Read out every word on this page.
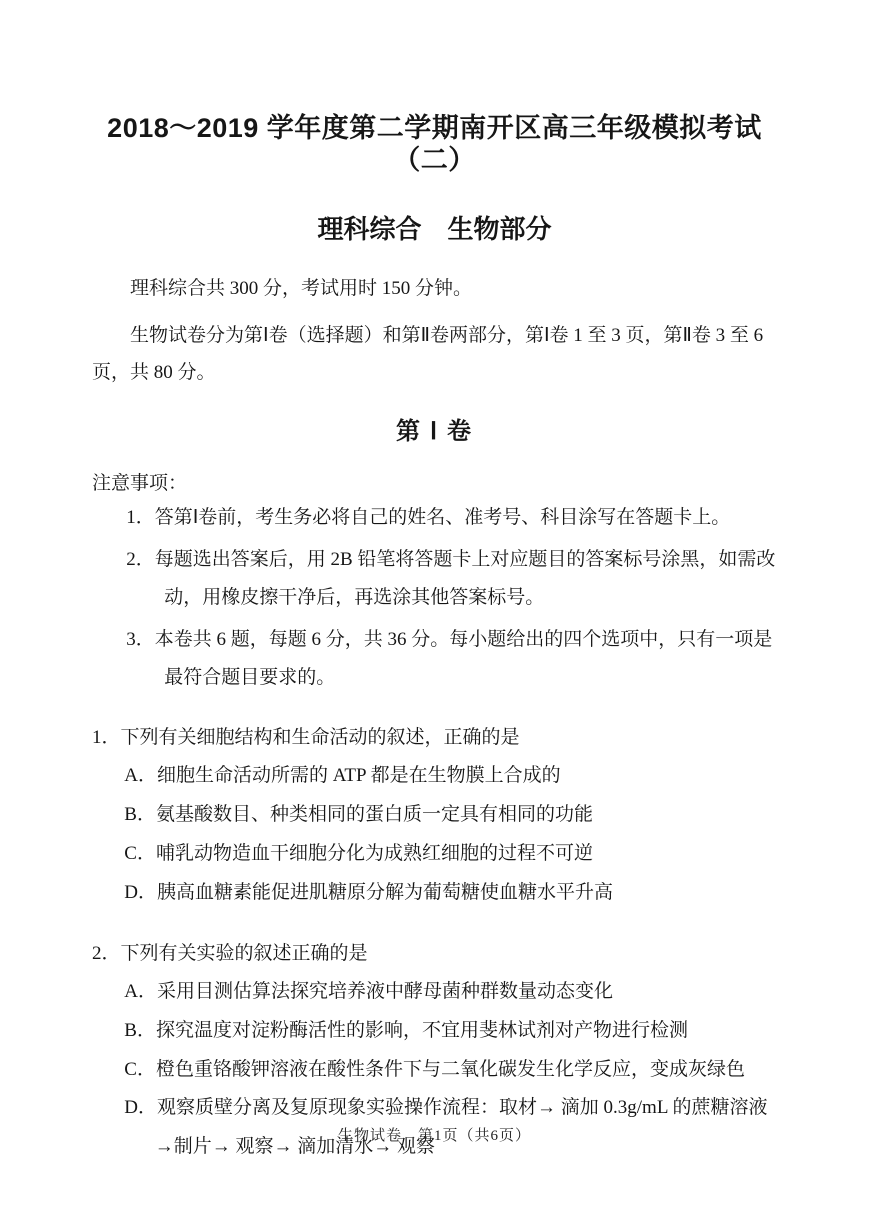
2018～2019 学年度第二学期南开区高三年级模拟考试（二）
理科综合　生物部分

理科综合共 300 分，考试用时 150 分钟。

生物试卷分为第Ⅰ卷（选择题）和第Ⅱ卷两部分，第Ⅰ卷 1 至 3 页，第Ⅱ卷 3 至 6 页，共 80 分。

第 Ⅰ 卷

注意事项：

1．答第Ⅰ卷前，考生务必将自己的姓名、准考号、科目涂写在答题卡上。

2．每题选出答案后，用 2B 铅笔将答题卡上对应题目的答案标号涂黑，如需改动，用橡皮擦干净后，再选涂其他答案标号。

3．本卷共 6 题，每题 6 分，共 36 分。每小题给出的四个选项中，只有一项是最符合题目要求的。

1．下列有关细胞结构和生命活动的叙述，正确的是

A．细胞生命活动所需的 ATP 都是在生物膜上合成的

B．氨基酸数目、种类相同的蛋白质一定具有相同的功能

C．哺乳动物造血干细胞分化为成熟红细胞的过程不可逆

D．胰高血糖素能促进肌糖原分解为葡萄糖使血糖水平升高

2．下列有关实验的叙述正确的是

A．采用目测估算法探究培养液中酵母菌种群数量动态变化

B．探究温度对淀粉酶活性的影响，不宜用斐林试剂对产物进行检测

C．橙色重铬酸钾溶液在酸性条件下与二氧化碳发生化学反应，变成灰绿色

D．观察质壁分离及复原现象实验操作流程：取材→ 滴加 0.3g/mL 的蔗糖溶液→制片→ 观察→ 滴加清水→ 观察

生物试卷　第1页（共6页）
